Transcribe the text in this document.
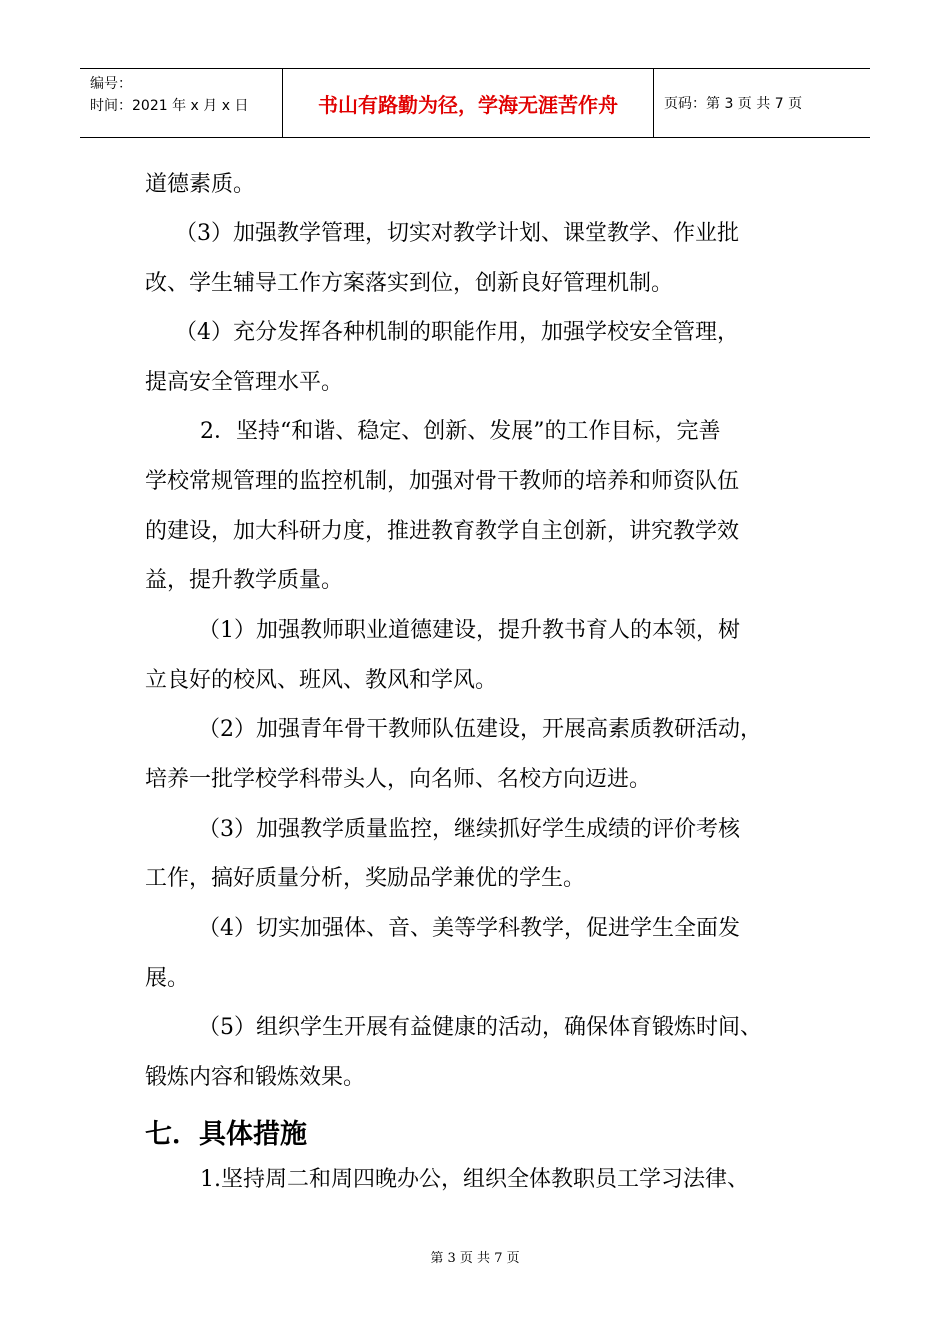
编号：
时间：2021 年 x 月 x 日	书山有路勤为径，学海无涯苦作舟	页码：第 3 页 共 7 页

道德素质。

（3）加强教学管理，切实对教学计划、课堂教学、作业批

改、学生辅导工作方案落实到位，创新良好管理机制。

（4）充分发挥各种机制的职能作用，加强学校安全管理，

提高安全管理水平。

2．坚持“和谐、稳定、创新、发展”的工作目标，完善

学校常规管理的监控机制，加强对骨干教师的培养和师资队伍

的建设，加大科研力度，推进教育教学自主创新，讲究教学效

益，提升教学质量。

（1）加强教师职业道德建设，提升教书育人的本领，树

立良好的校风、班风、教风和学风。

（2）加强青年骨干教师队伍建设，开展高素质教研活动，

培养一批学校学科带头人，向名师、名校方向迈进。

（3）加强教学质量监控，继续抓好学生成绩的评价考核

工作，搞好质量分析，奖励品学兼优的学生。

（4）切实加强体、音、美等学科教学，促进学生全面发

展。

（5）组织学生开展有益健康的活动，确保体育锻炼时间、

锻炼内容和锻炼效果。

七．具体措施

1.坚持周二和周四晚办公，组织全体教职员工学习法律、

第 3 页 共 7 页
